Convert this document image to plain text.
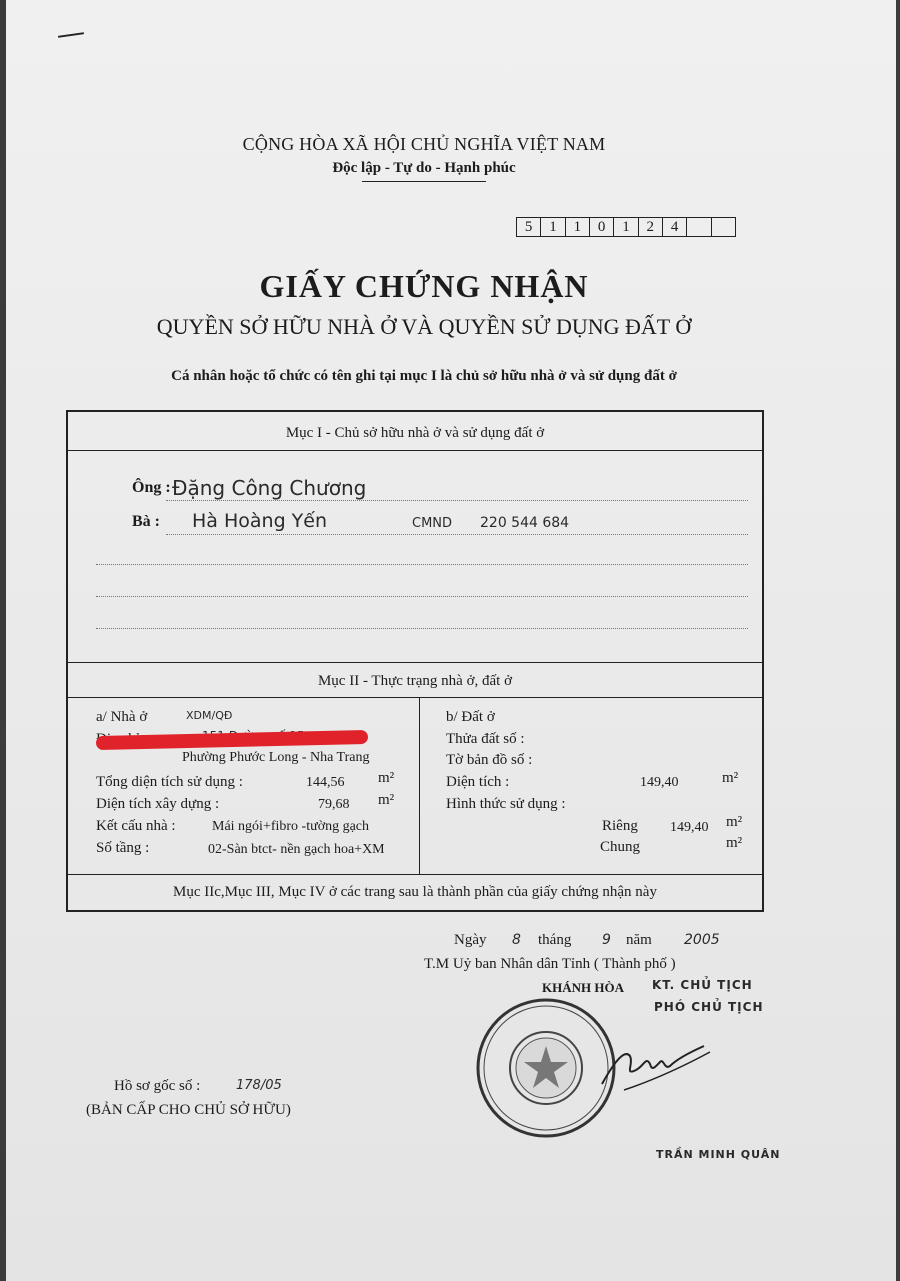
CỘNG HÒA XÃ HỘI CHỦ NGHĨA VIỆT NAM
Độc lập - Tự do - Hạnh phúc
5	1	1	0	1	2	4
GIẤY CHỨNG NHẬN
QUYỀN SỞ HỮU NHÀ Ở VÀ QUYỀN SỬ DỤNG ĐẤT Ở
Cá nhân hoặc tổ chức có tên ghi tại mục I là chủ sở hữu nhà ở và sử dụng đất ở
Mục I - Chủ sở hữu nhà ở và sử dụng đất ở
Ông : Đặng Công Chương
Bà : Hà Hoàng Yến	CMND 220 544 684
Mục II - Thực trạng nhà ở, đất ở
a/ Nhà ở	XDM/QĐ
Phường Phước Long - Nha Trang
Tổng diện tích sử dụng :	144,56 m²
Diện tích xây dựng :	79,68 m²
Kết cấu nhà :	Mái ngói+fibro -tường gạch
Số tầng :	02-Sàn btct- nền gạch hoa+XM
b/ Đất ở
Thửa đất số :
Tờ bản đồ số :
Diện tích :	149,40	m²
Hình thức sử dụng :
Riêng 149,40 m²
Chung	m²
Mục IIc,Mục III, Mục IV ở các trang sau là thành phần của giấy chứng nhận này
Ngày 8 tháng 9 năm 2005
T.M Uỷ ban Nhân dân Tỉnh ( Thành phố )
KHÁNH HÒA KT. CHỦ TỊCH
PHÓ CHỦ TỊCH
TRẦN MINH QUÂN
Hồ sơ gốc số :	178/05
(BẢN CẤP CHO CHỦ SỞ HỮU)
